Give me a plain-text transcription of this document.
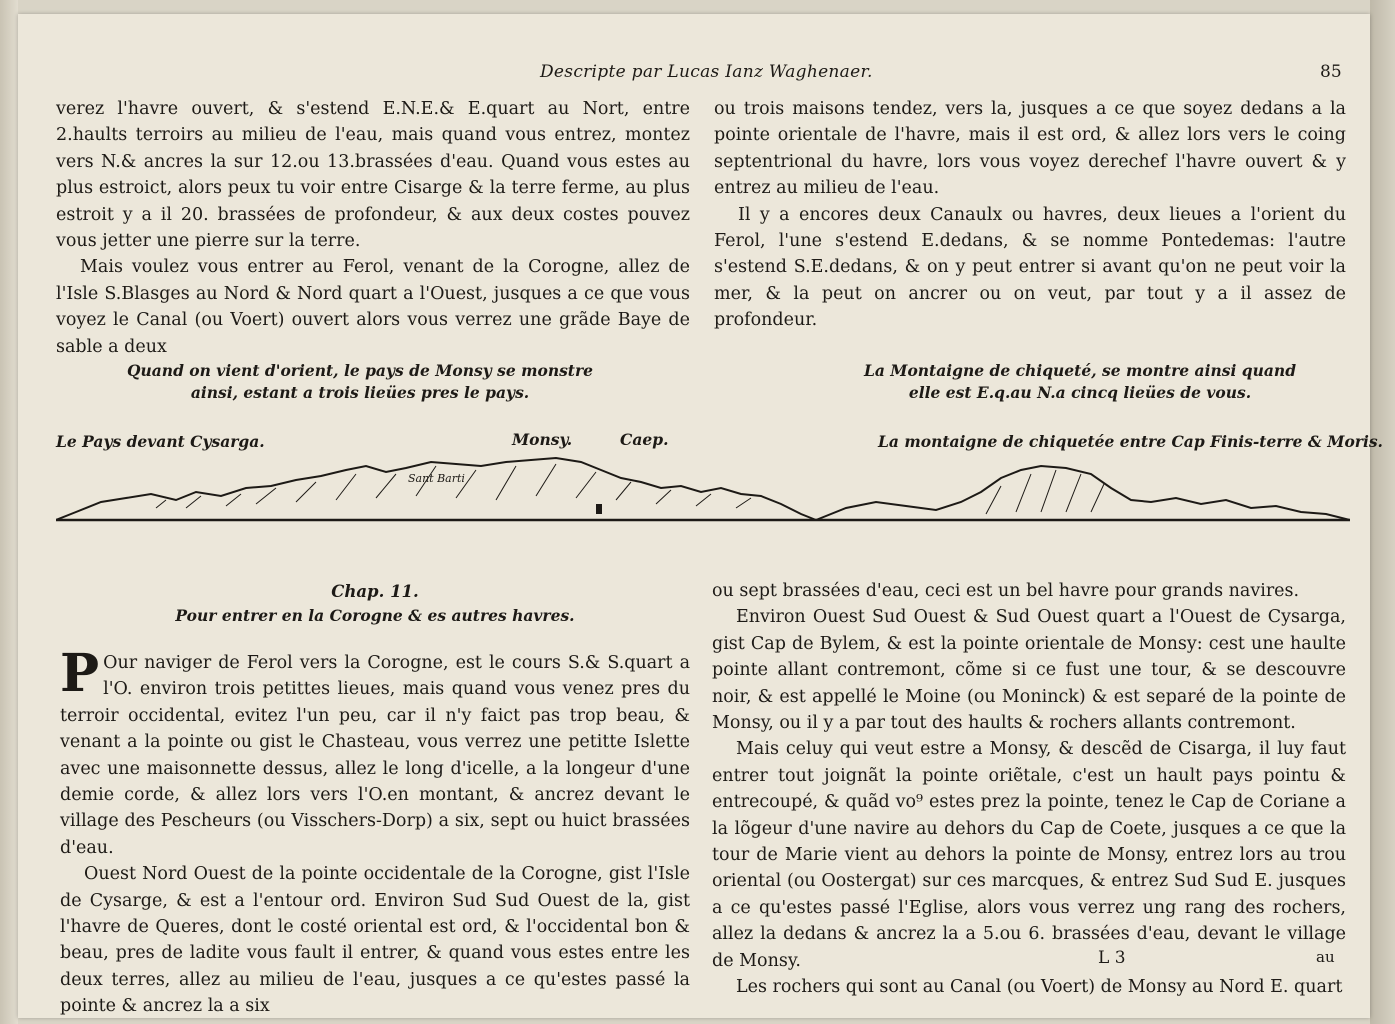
Descripte par Lucas Ianz Waghenaer.	85

verez l'havre ouvert, & s'estend E.N.E.& E.quart au Nort, entre 2.haults terroirs au milieu de l'eau, mais quand vous entrez, montez vers N.& ancres la sur 12.ou 13.brassées d'eau. Quand vous estes au plus estroict, alors peux tu voir entre Cisarge & la terre ferme, au plus estroit y a il 20. brassées de profondeur, & aux deux costes pouvez vous jetter une pierre sur la terre.

Mais voulez vous entrer au Ferol, venant de la Corogne, allez de l'Isle S.Blasges au Nord & Nord quart a l'Ouest, jusques a ce que vous voyez le Canal (ou Voert) ouvert alors vous verrez une grãde Baye de sable a deux

ou trois maisons tendez, vers la, jusques a ce que soyez dedans a la pointe orientale de l'havre, mais il est ord, & allez lors vers le coing septentrional du havre, lors vous voyez derechef l'havre ouvert & y entrez au milieu de l'eau.

Il y a encores deux Canaulx ou havres, deux lieues a l'orient du Ferol, l'une s'estend E.dedans, & se nomme Pontedemas: l'autre s'estend S.E.dedans, & on y peut entrer si avant qu'on ne peut voir la mer, & la peut on ancrer ou on veut, par tout y a il assez de profondeur.

Quand on vient d'orient, le pays de Monsy se monstre ainsi, estant a trois lieües pres le pays.
La Montaigne de chiqueté, se montre ainsi quand elle est E.q.au N.a cincq lieües de vous.
Le Pays devant Cysarga.	Monsy.	Caep.	La montaigne de chiquetée entre Cap Finis-terre & Moris.
Sant Barti
Chap. 11.
Pour entrer en la Corogne & es autres havres.

P Our naviger de Ferol vers la Corogne, est le cours S.& S.quart a l'O. environ trois petittes lieues, mais quand vous venez pres du terroir occidental, evitez l'un peu, car il n'y faict pas trop beau, & venant a la pointe ou gist le Chasteau, vous verrez une petitte Islette avec une maisonnette dessus, allez le long d'icelle, a la longeur d'une demie corde, & allez lors vers l'O.en montant, & ancrez devant le village des Pescheurs (ou Visschers-Dorp) a six, sept ou huict brassées d'eau.

Ouest Nord Ouest de la pointe occidentale de la Corogne, gist l'Isle de Cysarge, & est a l'entour ord. Environ Sud Sud Ouest de la, gist l'havre de Queres, dont le costé oriental est ord, & l'occidental bon & beau, pres de ladite vous fault il entrer, & quand vous estes entre les deux terres, allez au milieu de l'eau, jusques a ce qu'estes passé la pointe & ancrez la a six

ou sept brassées d'eau, ceci est un bel havre pour grands navires.

Environ Ouest Sud Ouest & Sud Ouest quart a l'Ouest de Cysarga, gist Cap de Bylem, & est la pointe orientale de Monsy: cest une haulte pointe allant contremont, cõme si ce fust une tour, & se descouvre noir, & est appellé le Moine (ou Moninck) & est separé de la pointe de Monsy, ou il y a par tout des haults & rochers allants contremont.

Mais celuy qui veut estre a Monsy, & descẽd de Cisarga, il luy faut entrer tout joignãt la pointe oriẽtale, c'est un hault pays pointu & entrecoupé, & quãd vo⁹ estes prez la pointe, tenez le Cap de Coriane a la lõgeur d'une navire au dehors du Cap de Coete, jusques a ce que la tour de Marie vient au dehors la pointe de Monsy, entrez lors au trou oriental (ou Oostergat) sur ces marcques, & entrez Sud Sud E. jusques a ce qu'estes passé l'Eglise, alors vous verrez ung rang des rochers, allez la dedans & ancrez la a 5.ou 6. brassées d'eau, devant le village de Monsy.

Les rochers qui sont au Canal (ou Voert) de Monsy au Nord E. quart

L 3	au
